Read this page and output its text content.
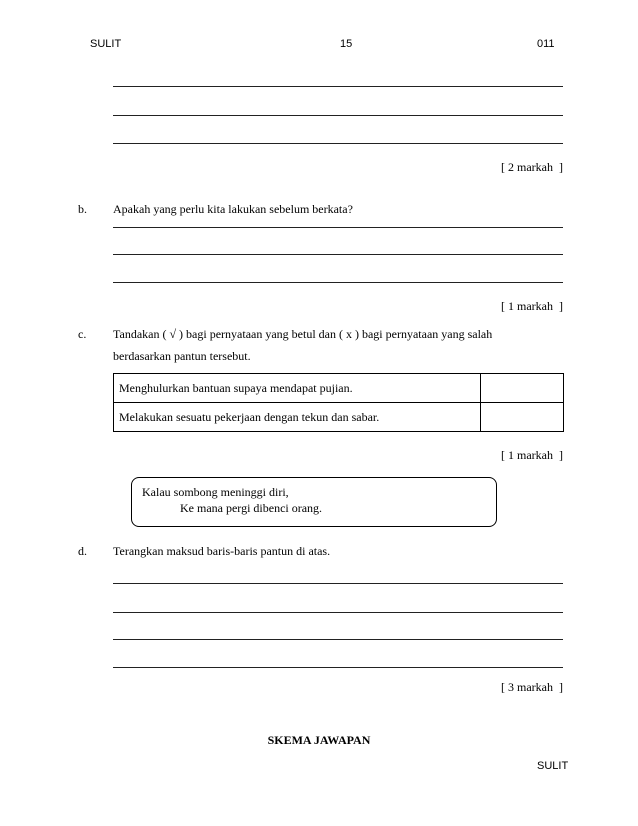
SULIT	15	011
[ 2 markah  ]
b. Apakah yang perlu kita lakukan sebelum berkata?
[ 1 markah  ]
c. Tandakan ( √ ) bagi pernyataan yang betul dan ( x ) bagi pernyataan yang salah
berdasarkan pantun tersebut.
Menghulurkan bantuan supaya mendapat pujian.	
Melakukan sesuatu pekerjaan dengan tekun dan sabar.	
[ 1 markah  ]
Kalau sombong meninggi diri,
Ke mana pergi dibenci orang.
d. Terangkan maksud baris-baris pantun di atas.
[ 3 markah  ]
SKEMA JAWAPAN
SULIT
